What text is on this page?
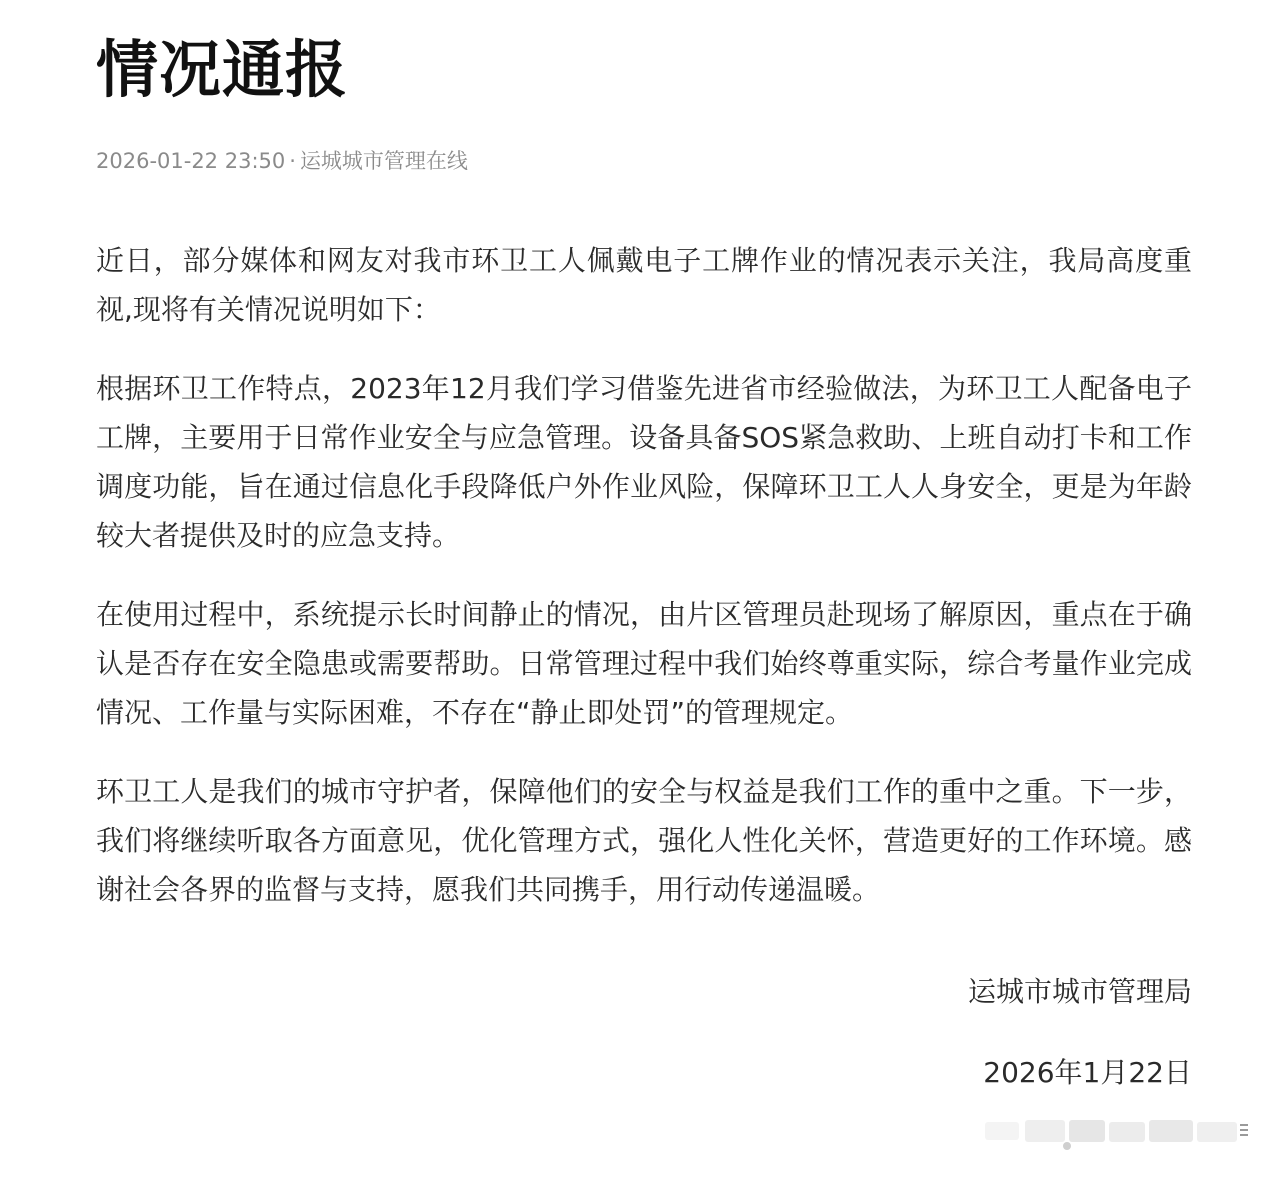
情况通报
2026-01-22 23:50 · 运城城市管理在线

近日，部分媒体和网友对我市环卫工人佩戴电子工牌作业的情况表示关注，我局高度重视,现将有关情况说明如下：

根据环卫工作特点，2023年12月我们学习借鉴先进省市经验做法，为环卫工人配备电子工牌，主要用于日常作业安全与应急管理。设备具备SOS紧急救助、上班自动打卡和工作调度功能，旨在通过信息化手段降低户外作业风险，保障环卫工人人身安全，更是为年龄较大者提供及时的应急支持。

在使用过程中，系统提示长时间静止的情况，由片区管理员赴现场了解原因，重点在于确认是否存在安全隐患或需要帮助。日常管理过程中我们始终尊重实际，综合考量作业完成情况、工作量与实际困难，不存在“静止即处罚”的管理规定。

环卫工人是我们的城市守护者，保障他们的安全与权益是我们工作的重中之重。下一步，我们将继续听取各方面意见，优化管理方式，强化人性化关怀，营造更好的工作环境。感谢社会各界的监督与支持，愿我们共同携手，用行动传递温暖。

运城市城市管理局
2026年1月22日
